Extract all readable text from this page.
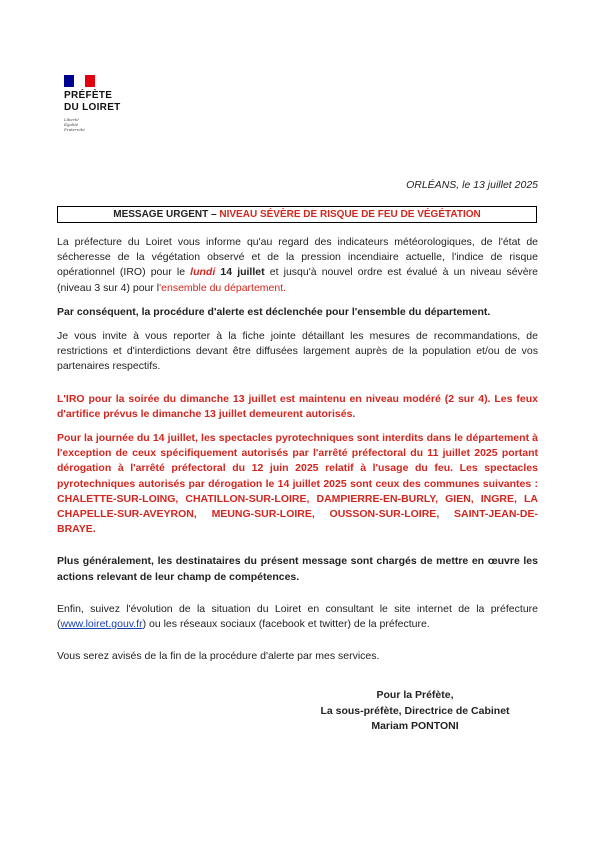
PRÉFÈTE
DU LOIRET
Liberté
Égalité
Fraternité
ORLÉANS, le 13 juillet 2025
MESSAGE URGENT – NIVEAU SÉVÈRE DE RISQUE DE FEU DE VÉGÉTATION

La préfecture du Loiret vous informe qu'au regard des indicateurs météorologiques, de l'état de sécheresse de la végétation observé et de la pression incendiaire actuelle, l'indice de risque opérationnel (IRO) pour le lundi 14 juillet et jusqu'à nouvel ordre est évalué à un niveau sévère (niveau 3 sur 4) pour l'ensemble du département.

Par conséquent, la procédure d'alerte est déclenchée pour l'ensemble du département.

Je vous invite à vous reporter à la fiche jointe détaillant les mesures de recommandations, de restrictions et d'interdictions devant être diffusées largement auprès de la population et/ou de vos partenaires respectifs.

L'IRO pour la soirée du dimanche 13 juillet est maintenu en niveau modéré (2 sur 4). Les feux d'artifice prévus le dimanche 13 juillet demeurent autorisés.

Pour la journée du 14 juillet, les spectacles pyrotechniques sont interdits dans le département à l'exception de ceux spécifiquement autorisés par l'arrêté préfectoral du 11 juillet 2025 portant dérogation à l'arrêté préfectoral du 12 juin 2025 relatif à l'usage du feu. Les spectacles pyrotechniques autorisés par dérogation le 14 juillet 2025 sont ceux des communes suivantes : CHALETTE-SUR-LOING, CHATILLON-SUR-LOIRE, DAMPIERRE-EN-BURLY, GIEN, INGRE, LA CHAPELLE-SUR-AVEYRON, MEUNG-SUR-LOIRE, OUSSON-SUR-LOIRE, SAINT-JEAN-DE-BRAYE.

Plus généralement, les destinataires du présent message sont chargés de mettre en œuvre les actions relevant de leur champ de compétences.

Enfin, suivez l'évolution de la situation du Loiret en consultant le site internet de la préfecture (www.loiret.gouv.fr) ou les réseaux sociaux (facebook et twitter) de la préfecture.

Vous serez avisés de la fin de la procédure d'alerte par mes services.

Pour la Préfète,
La sous-préfète, Directrice de Cabinet
Mariam PONTONI
